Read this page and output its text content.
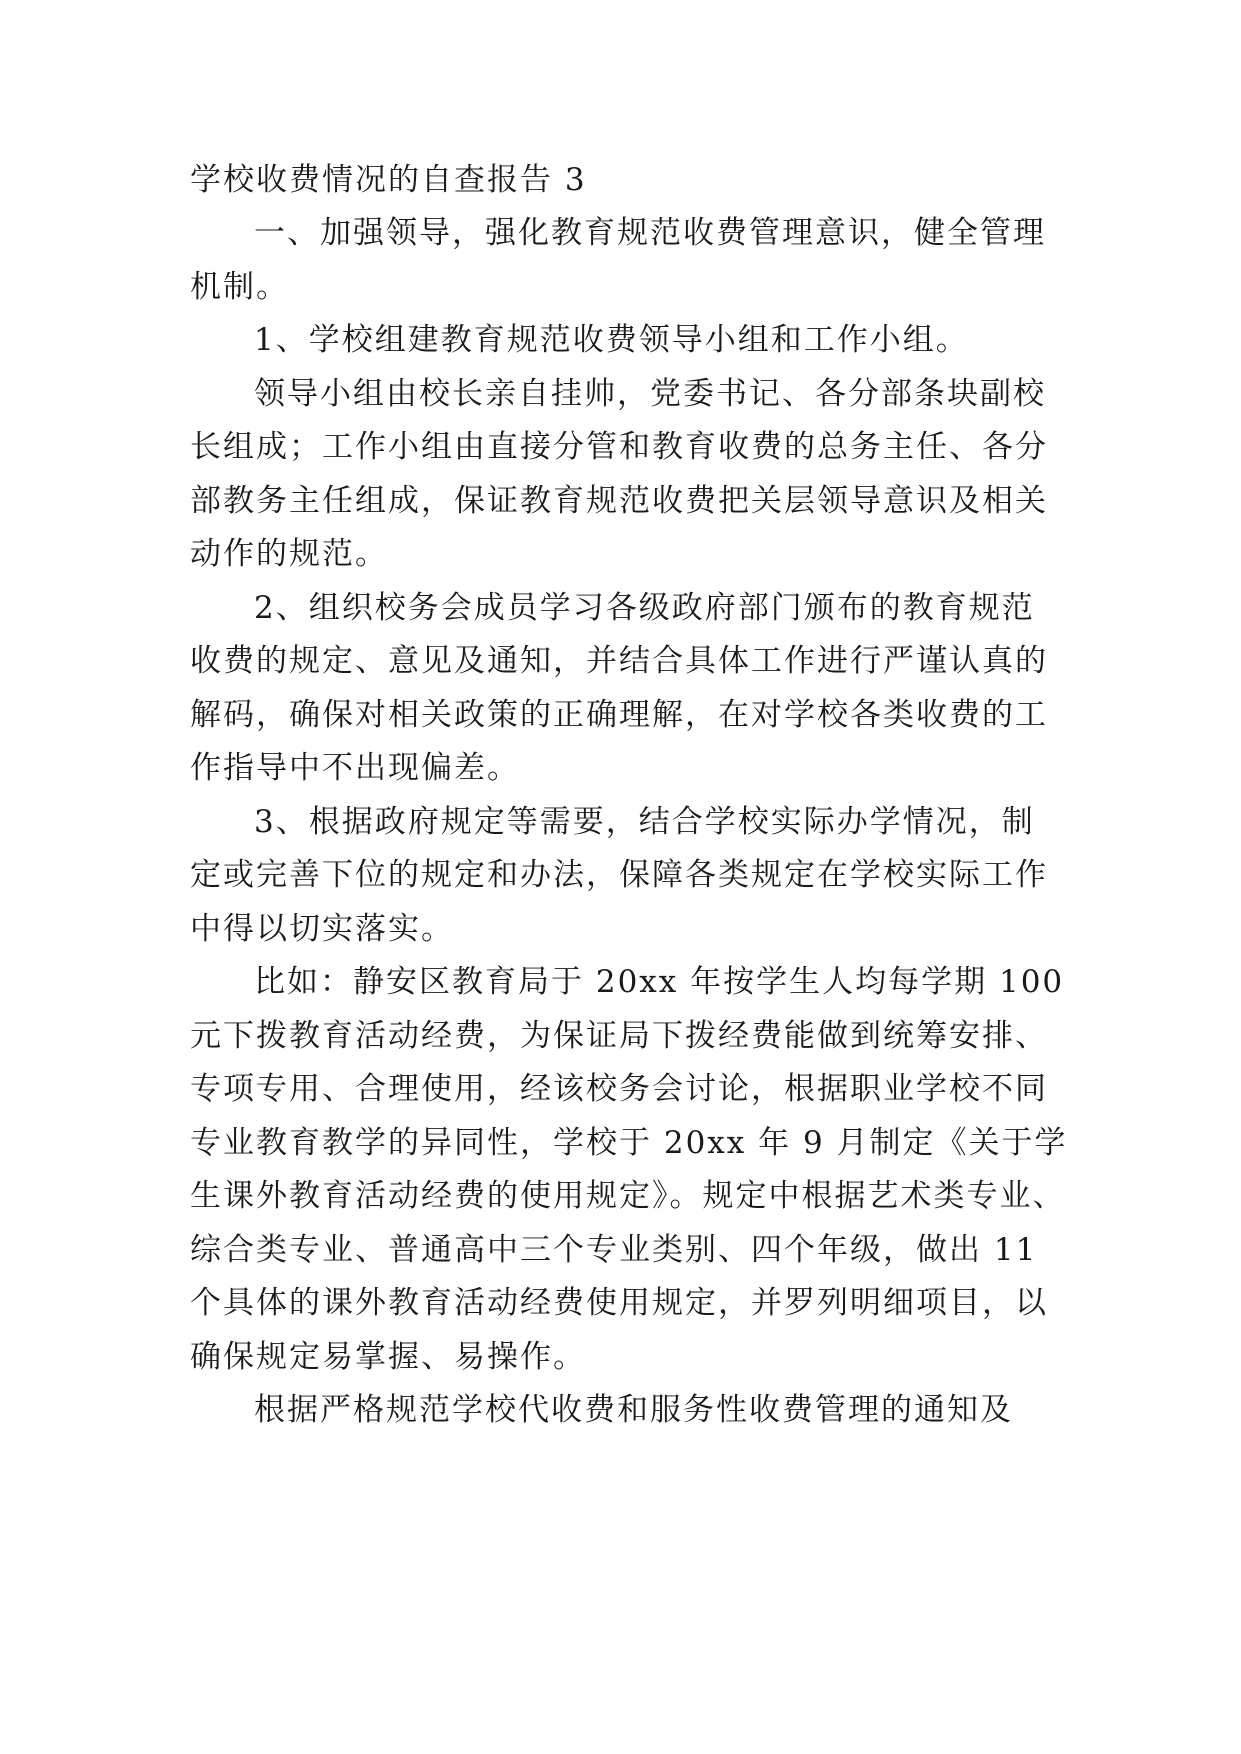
学校收费情况的自查报告 3
一、加强领导，强化教育规范收费管理意识，健全管理
机制。
1、学校组建教育规范收费领导小组和工作小组。
领导小组由校长亲自挂帅，党委书记、各分部条块副校
长组成；工作小组由直接分管和教育收费的总务主任、各分
部教务主任组成，保证教育规范收费把关层领导意识及相关
动作的规范。
2、组织校务会成员学习各级政府部门颁布的教育规范
收费的规定、意见及通知，并结合具体工作进行严谨认真的
解码，确保对相关政策的正确理解，在对学校各类收费的工
作指导中不出现偏差。
3、根据政府规定等需要，结合学校实际办学情况，制
定或完善下位的规定和办法，保障各类规定在学校实际工作
中得以切实落实。
比如：静安区教育局于 20xx 年按学生人均每学期 100
元下拨教育活动经费，为保证局下拨经费能做到统筹安排、
专项专用、合理使用，经该校务会讨论，根据职业学校不同
专业教育教学的异同性，学校于 20xx 年 9 月制定《关于学
生课外教育活动经费的使用规定》。规定中根据艺术类专业、
综合类专业、普通高中三个专业类别、四个年级，做出 11
个具体的课外教育活动经费使用规定，并罗列明细项目，以
确保规定易掌握、易操作。
根据严格规范学校代收费和服务性收费管理的通知及
